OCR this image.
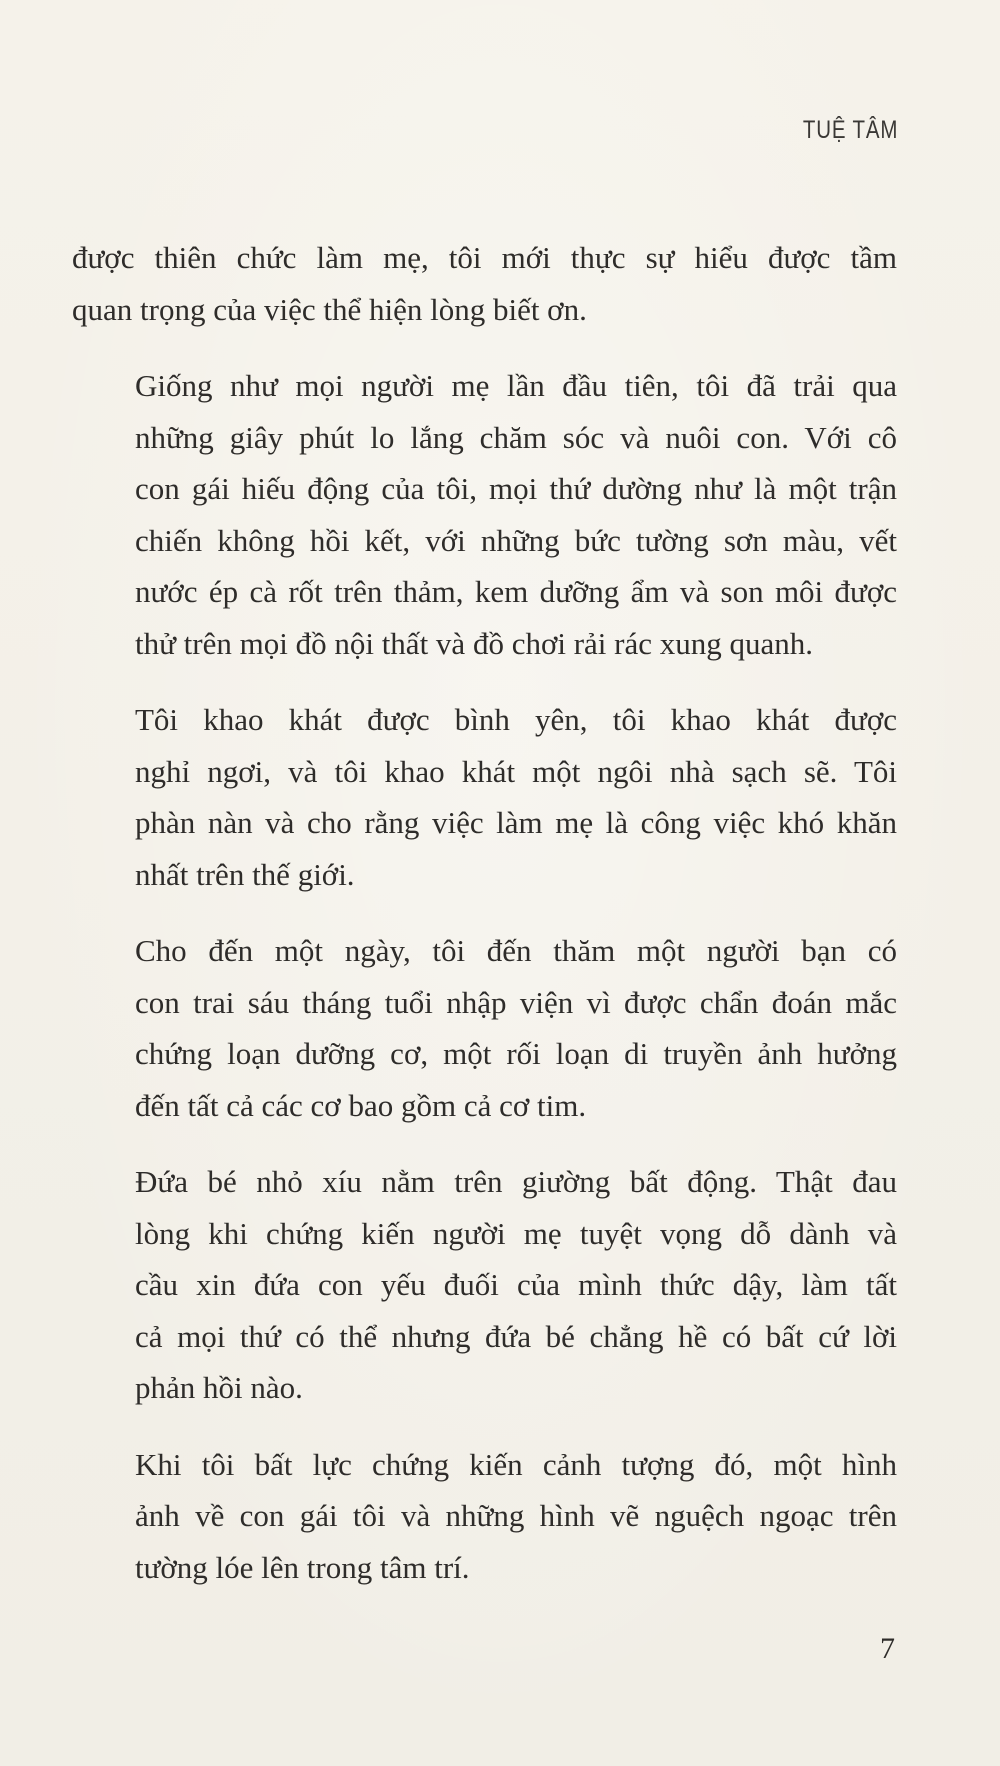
TUỆ TÂM

được thiên chức làm mẹ, tôi mới thực sự hiểu được tầm
quan trọng của việc thể hiện lòng biết ơn.

Giống như mọi người mẹ lần đầu tiên, tôi đã trải qua
những giây phút lo lắng chăm sóc và nuôi con. Với cô
con gái hiếu động của tôi, mọi thứ dường như là một trận
chiến không hồi kết, với những bức tường sơn màu, vết
nước ép cà rốt trên thảm, kem dưỡng ẩm và son môi được
thử trên mọi đồ nội thất và đồ chơi rải rác xung quanh.

Tôi khao khát được bình yên, tôi khao khát được
nghỉ ngơi, và tôi khao khát một ngôi nhà sạch sẽ. Tôi
phàn nàn và cho rằng việc làm mẹ là công việc khó khăn
nhất trên thế giới.

Cho đến một ngày, tôi đến thăm một người bạn có
con trai sáu tháng tuổi nhập viện vì được chẩn đoán mắc
chứng loạn dưỡng cơ, một rối loạn di truyền ảnh hưởng
đến tất cả các cơ bao gồm cả cơ tim.

Đứa bé nhỏ xíu nằm trên giường bất động. Thật đau
lòng khi chứng kiến người mẹ tuyệt vọng dỗ dành và
cầu xin đứa con yếu đuối của mình thức dậy, làm tất
cả mọi thứ có thể nhưng đứa bé chẳng hề có bất cứ lời
phản hồi nào.

Khi tôi bất lực chứng kiến cảnh tượng đó, một hình
ảnh về con gái tôi và những hình vẽ nguệch ngoạc trên
tường lóe lên trong tâm trí.

7
